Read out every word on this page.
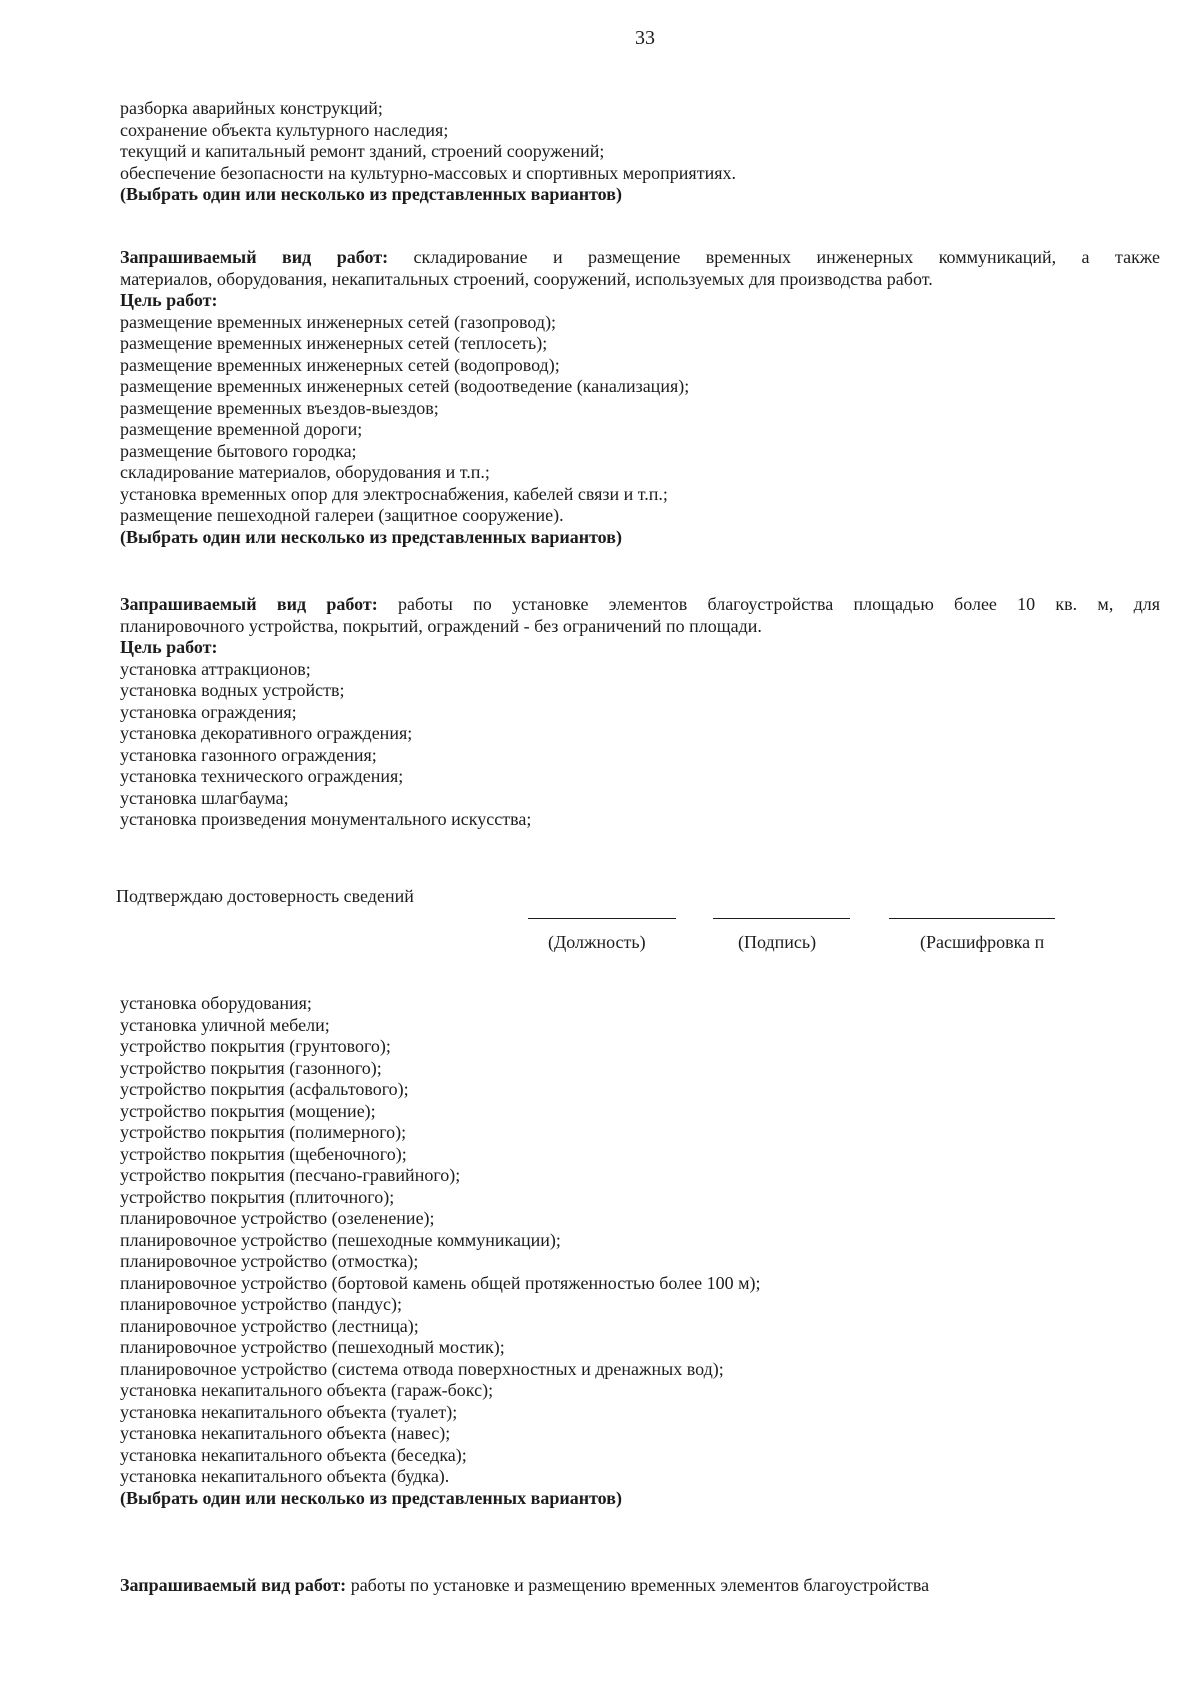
33
разборка аварийных конструкций;
сохранение объекта культурного наследия;
текущий и капитальный ремонт зданий, строений сооружений;
обеспечение безопасности на культурно-массовых и спортивных мероприятиях.
(Выбрать один или несколько из представленных вариантов)
Запрашиваемый вид работ: складирование и размещение временных инженерных коммуникаций, а также
материалов, оборудования, некапитальных строений, сооружений, используемых для производства работ.
Цель работ:
размещение временных инженерных сетей (газопровод);
размещение временных инженерных сетей (теплосеть);
размещение временных инженерных сетей (водопровод);
размещение временных инженерных сетей (водоотведение (канализация);
размещение временных въездов-выездов;
размещение временной дороги;
размещение бытового городка;
складирование материалов, оборудования и т.п.;
установка временных опор для электроснабжения, кабелей связи и т.п.;
размещение пешеходной галереи (защитное сооружение).
(Выбрать один или несколько из представленных вариантов)
Запрашиваемый вид работ: работы по установке элементов благоустройства площадью более 10 кв. м, для
планировочного устройства, покрытий, ограждений - без ограничений по площади.
Цель работ:
установка аттракционов;
установка водных устройств;
установка ограждения;
установка декоративного ограждения;
установка газонного ограждения;
установка технического ограждения;
установка шлагбаума;
установка произведения монументального искусства;
Подтверждаю достоверность сведений
(Должность)	(Подпись)	(Расшифровка п
установка оборудования;
установка уличной мебели;
устройство покрытия (грунтового);
устройство покрытия (газонного);
устройство покрытия (асфальтового);
устройство покрытия (мощение);
устройство покрытия (полимерного);
устройство покрытия (щебеночного);
устройство покрытия (песчано-гравийного);
устройство покрытия (плиточного);
планировочное устройство (озеленение);
планировочное устройство (пешеходные коммуникации);
планировочное устройство (отмостка);
планировочное устройство (бортовой камень общей протяженностью более 100 м);
планировочное устройство (пандус);
планировочное устройство (лестница);
планировочное устройство (пешеходный мостик);
планировочное устройство (система отвода поверхностных и дренажных вод);
установка некапитального объекта (гараж-бокс);
установка некапитального объекта (туалет);
установка некапитального объекта (навес);
установка некапитального объекта (беседка);
установка некапитального объекта (будка).
(Выбрать один или несколько из представленных вариантов)
Запрашиваемый вид работ: работы по установке и размещению временных элементов благоустройства
